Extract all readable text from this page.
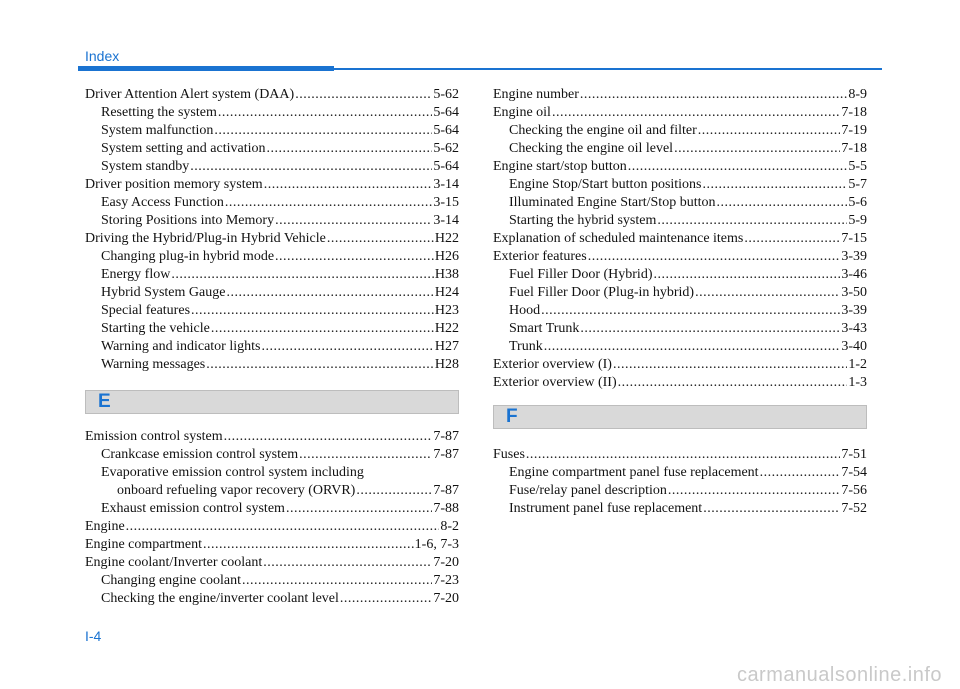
Index
Driver Attention Alert system (DAA) .....	5-62
Resetting the system .....	5-64
System malfunction .....	5-64
System setting and activation .....	5-62
System standby .....	5-64
Driver position memory system .....	3-14
Easy Access Function .....	3-15
Storing Positions into Memory .....	3-14
Driving the Hybrid/Plug-in Hybrid Vehicle .....	H22
Changing plug-in hybrid mode .....	H26
Energy flow .....	H38
Hybrid System Gauge .....	H24
Special features .....	H23
Starting the vehicle .....	H22
Warning and indicator lights .....	H27
Warning messages .....	H28
E
Emission control system .....	7-87
Crankcase emission control system .....	7-87
Evaporative emission control system including
onboard refueling vapor recovery (ORVR) .....	7-87
Exhaust emission control system .....	7-88
Engine .....	8-2
Engine compartment .....	1-6, 7-3
Engine coolant/Inverter coolant .....	7-20
Changing engine coolant .....	7-23
Checking the engine/inverter coolant level .....	7-20
Engine number .....	8-9
Engine oil .....	7-18
Checking the engine oil and filter .....	7-19
Checking the engine oil level .....	7-18
Engine start/stop button .....	5-5
Engine Stop/Start button positions .....	5-7
Illuminated Engine Start/Stop button .....	5-6
Starting the hybrid system .....	5-9
Explanation of scheduled maintenance items .....	7-15
Exterior features .....	3-39
Fuel Filler Door (Hybrid) .....	3-46
Fuel Filler Door (Plug-in hybrid) .....	3-50
Hood .....	3-39
Smart Trunk .....	3-43
Trunk .....	3-40
Exterior overview (I) .....	1-2
Exterior overview (II) .....	1-3
F
Fuses .....	7-51
Engine compartment panel fuse replacement .....	7-54
Fuse/relay panel description .....	7-56
Instrument panel fuse replacement .....	7-52
I-4
carmanualsonline.info
